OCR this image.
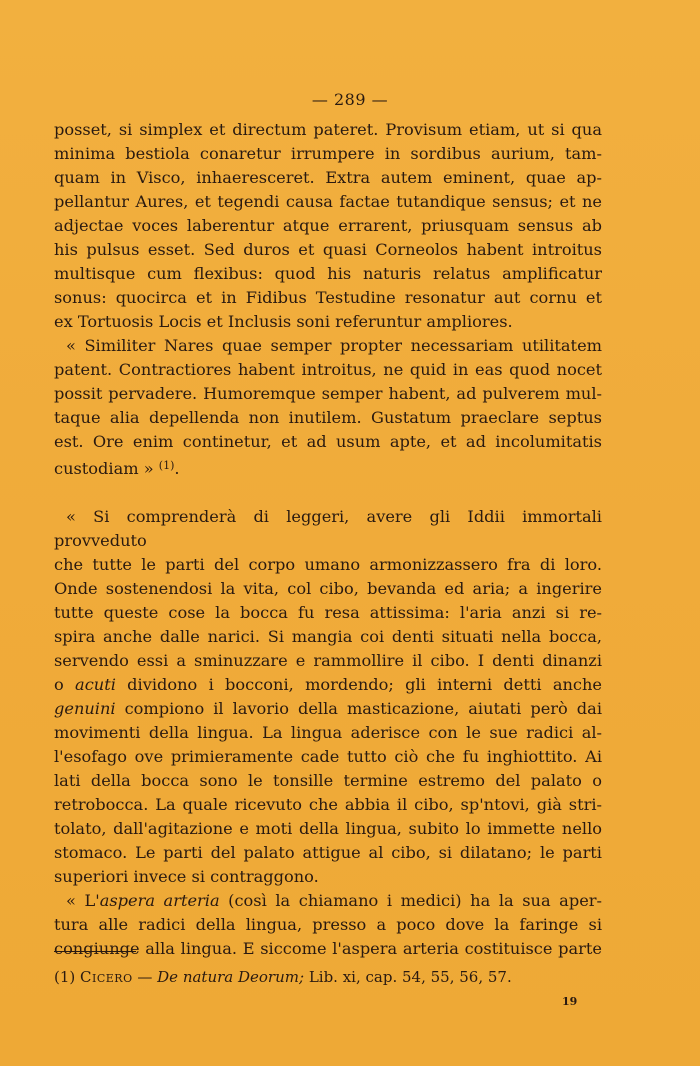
— 289 —

posset, si simplex et directum pateret. Provisum etiam, ut si qua

minima bestiola conaretur irrumpere in sordibus aurium, tam-

quam in Visco, inhaeresceret. Extra autem eminent, quae ap-

pellantur Aures, et tegendi causa factae tutandique sensus; et ne

adjectae voces laberentur atque errarent, priusquam sensus ab

his pulsus esset. Sed duros et quasi Corneolos habent introitus

multisque cum flexibus: quod his naturis relatus amplificatur

sonus: quocirca et in Fidibus Testudine resonatur aut cornu et

ex Tortuosis Locis et Inclusis soni referuntur ampliores.

« Similiter Nares quae semper propter necessariam utilitatem

patent. Contractiores habent introitus, ne quid in eas quod nocet

possit pervadere. Humoremque semper habent, ad pulverem mul-

taque alia depellenda non inutilem. Gustatum praeclare septus

est. Ore enim continetur, et ad usum apte, et ad incolumitatis

custodiam » $^{(1)}$.

« Si comprenderà di leggeri, avere gli Iddii immortali provveduto

che tutte le parti del corpo umano armonizzassero fra di loro.

Onde sostenendosi la vita, col cibo, bevanda ed aria; a ingerire

tutte queste cose la bocca fu resa attissima: l'aria anzi si re-

spira anche dalle narici. Si mangia coi denti situati nella bocca,

servendo essi a sminuzzare e rammollire il cibo. I denti dinanzi

o acuti dividono i bocconi, mordendo; gli interni detti anche

genuini compiono il lavorio della masticazione, aiutati però dai

movimenti della lingua. La lingua aderisce con le sue radici al-

l'esofago ove primieramente cade tutto ciò che fu inghiottito. Ai

lati della bocca sono le tonsille termine estremo del palato o

retrobocca. La quale ricevuto che abbia il cibo, sp'ntovi, già stri-

tolato, dall'agitazione e moti della lingua, subito lo immette nello

stomaco. Le parti del palato attigue al cibo, si dilatano; le parti

superiori invece si contraggono.

« L'aspera arteria (così la chiamano i medici) ha la sua aper-

tura alle radici della lingua, presso a poco dove la faringe si

congiunge alla lingua. E siccome l'aspera arteria costituisce parte

(1) Cicero — De natura Deorum; Lib. xi, cap. 54, 55, 56, 57.
19
